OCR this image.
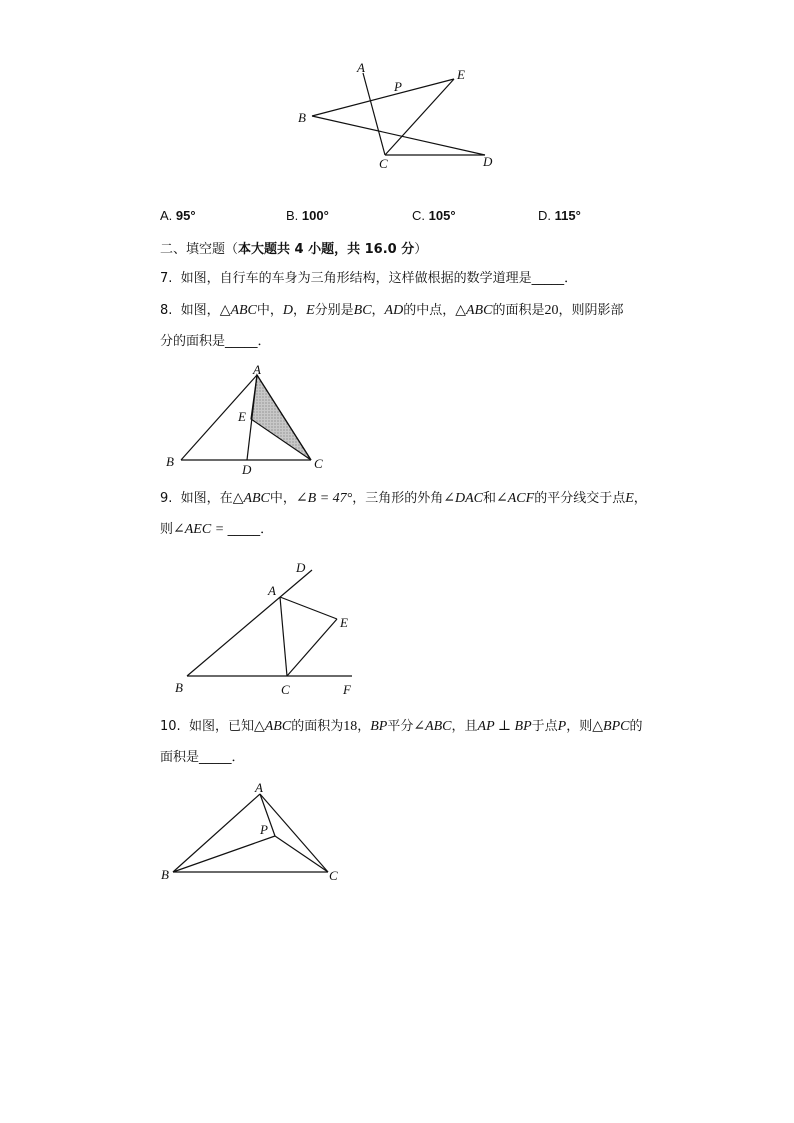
A
P
E
B
C	D
A. 95°	B. 100°	C. 105°	D. 115°
二、填空题（本大题共 4 小题，共 16.0 分）
7. 如图，自行车的车身为三角形结构，这样做根据的数学道理是_____．
8. 如图，△ABC中，D，E分别是BC，AD的中点，△ABC的面积是20，则阴影部
分的面积是_____．
A
E
B
D	C
9. 如图，在△ABC中，∠B = 47°，三角形的外角∠DAC和∠ACF的平分线交于点E，
则∠AEC = _____．
D
A
E
B	C	F
10. 如图，已知△ABC的面积为18，BP平分∠ABC，且AP ⊥ BP于点P，则△BPC的
面积是_____．
A
P
B	C
